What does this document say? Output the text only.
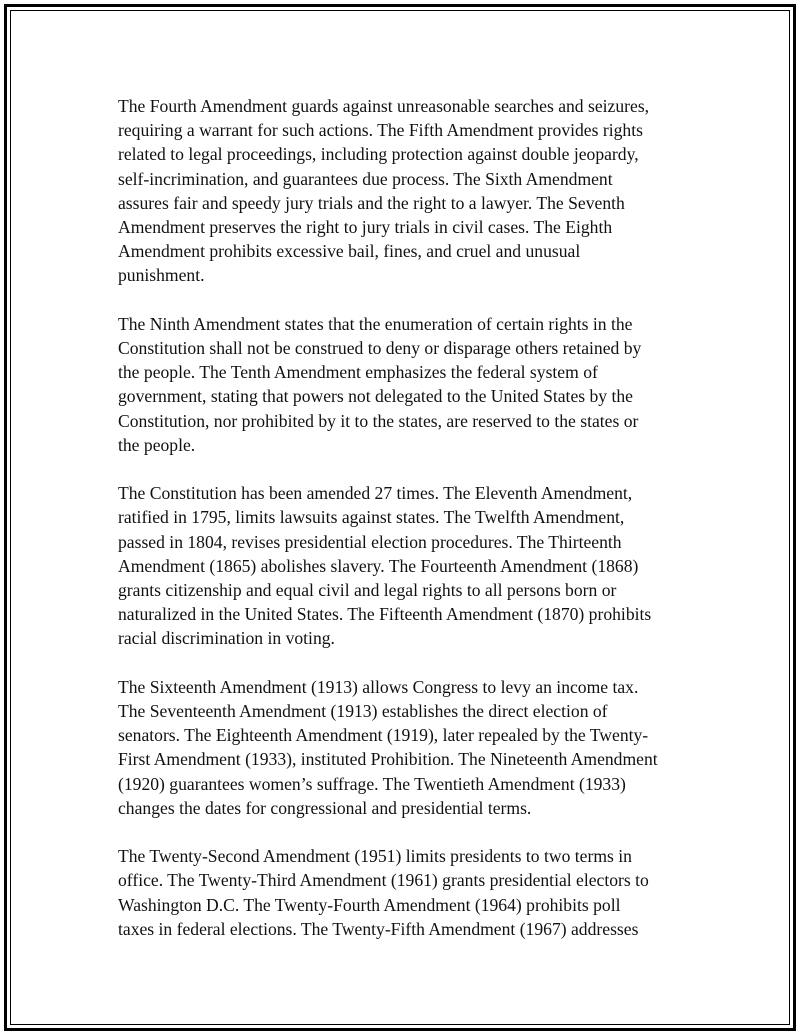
The Fourth Amendment guards against unreasonable searches and seizures,
requiring a warrant for such actions. The Fifth Amendment provides rights
related to legal proceedings, including protection against double jeopardy,
self-incrimination, and guarantees due process. The Sixth Amendment
assures fair and speedy jury trials and the right to a lawyer. The Seventh
Amendment preserves the right to jury trials in civil cases. The Eighth
Amendment prohibits excessive bail, fines, and cruel and unusual
punishment.

The Ninth Amendment states that the enumeration of certain rights in the
Constitution shall not be construed to deny or disparage others retained by
the people. The Tenth Amendment emphasizes the federal system of
government, stating that powers not delegated to the United States by the
Constitution, nor prohibited by it to the states, are reserved to the states or
the people.

The Constitution has been amended 27 times. The Eleventh Amendment,
ratified in 1795, limits lawsuits against states. The Twelfth Amendment,
passed in 1804, revises presidential election procedures. The Thirteenth
Amendment (1865) abolishes slavery. The Fourteenth Amendment (1868)
grants citizenship and equal civil and legal rights to all persons born or
naturalized in the United States. The Fifteenth Amendment (1870) prohibits
racial discrimination in voting.

The Sixteenth Amendment (1913) allows Congress to levy an income tax.
The Seventeenth Amendment (1913) establishes the direct election of
senators. The Eighteenth Amendment (1919), later repealed by the Twenty-
First Amendment (1933), instituted Prohibition. The Nineteenth Amendment
(1920) guarantees women’s suffrage. The Twentieth Amendment (1933)
changes the dates for congressional and presidential terms.

The Twenty-Second Amendment (1951) limits presidents to two terms in
office. The Twenty-Third Amendment (1961) grants presidential electors to
Washington D.C. The Twenty-Fourth Amendment (1964) prohibits poll
taxes in federal elections. The Twenty-Fifth Amendment (1967) addresses
